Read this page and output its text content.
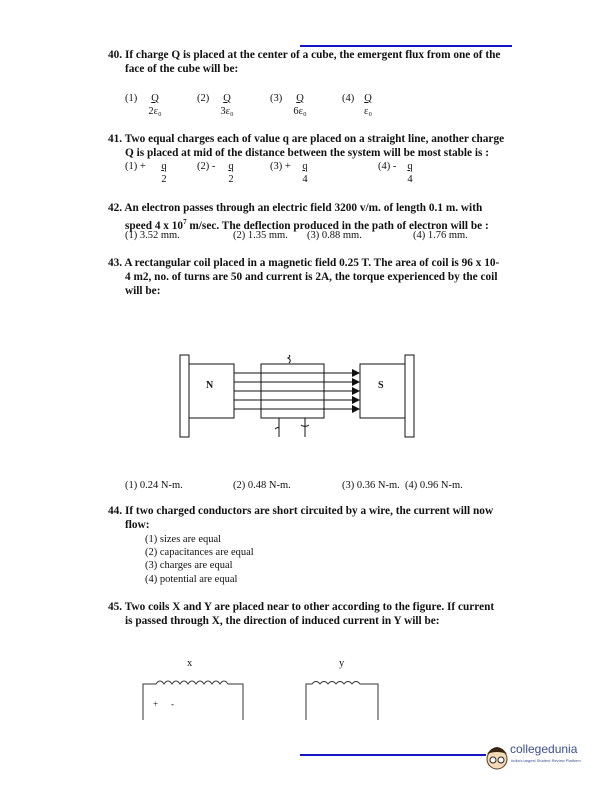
40. If charge Q is placed at the center of a cube, the emergent flux from one of the
face of the cube will be:
$(1) \frac{Q}{\text{2ε₀}}$	$(2) \frac{Q}{\text{3ε₀}}$	$(3) \frac{Q}{\text{6ε₀}}$	$(4) \frac{Q}{\text{ε₀}}$
41. Two equal charges each of value q are placed on a straight line, another charge
Q is placed at mid of the distance between the system will be most stable is :
$(1) + \frac{q}{2}$	$(2) - \frac{q}{2}$	$(3) + \frac{q}{4}$	$(4) - \frac{q}{4}$
42. An electron passes through an electric field 3200 v/m. of length 0.1 m. with
speed 4 x $10^7$ m/sec. The deflection produced in the path of electron will be :
(1) 3.52 mm.	(2) 1.35 mm. (3) 0.88 mm.	(4) 1.76 mm.
43. A rectangular coil placed in a magnetic field 0.25 T. The area of coil is 96 x 10-
4 m2, no. of turns are 50 and current is 2A, the torque experienced by the coil
will be:
N	S
(1) 0.24 N-m.	(2) 0.48 N-m.	(3) 0.36 N-m. (4) 0.96 N-m.
44. If two charged conductors are short circuited by a wire, the current will now
flow:
(1) sizes are equal
(2) capacitances are equal
(3) charges are equal
(4) potential are equal
45. Two coils X and Y are placed near to other according to the figure. If current
is passed through X, the direction of induced current in Y will be:
x	y
+ -
collegedunia
India's largest Student Review Platform
